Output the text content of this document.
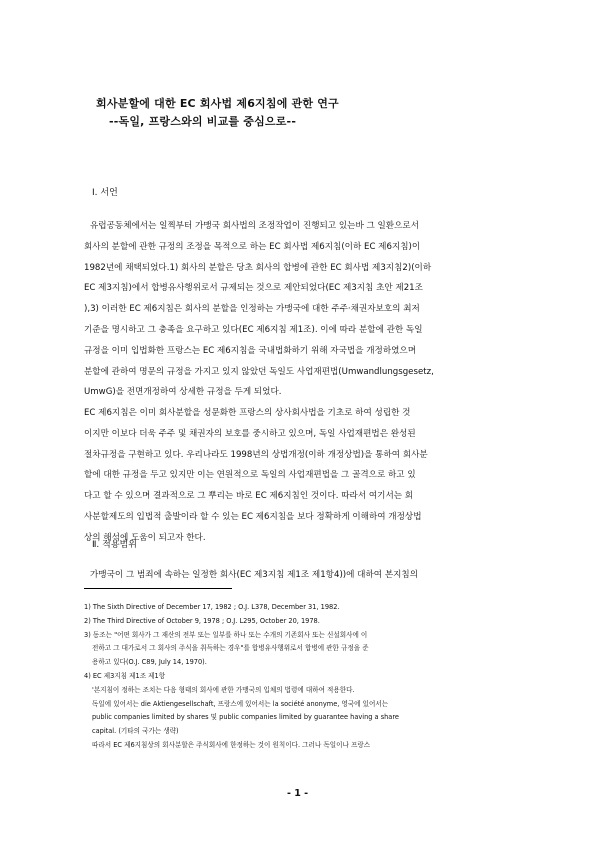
회사분할에 대한 EC 회사법 제6지침에 관한 연구
--독일, 프랑스와의 비교를 중심으로--
Ⅰ. 서언
유럽공동체에서는 일찍부터 가맹국 회사법의 조정작업이 진행되고 있는바 그 일환으로서
회사의 분할에 관한 규정의 조정을 목적으로 하는 EC 회사법 제6지침(이하 EC 제6지침)이
1982년에 채택되었다.1) 회사의 분할은 당초 회사의 합병에 관한 EC 회사법 제3지침2)(이하
EC 제3지침)에서 합병유사행위로서 규제되는 것으로 제안되었다(EC 제3지침 초안 제21조
),3) 이러한 EC 제6지침은 회사의 분할을 인정하는 가맹국에 대한 주주·채권자보호의 최저
기준을 명시하고 그 충족을 요구하고 있다(EC 제6지침 제1조). 이에 따라 분할에 관한 독일
규정을 이미 입법화한 프랑스는 EC 제6지침을 국내법화하기 위해 자국법을 개정하였으며
분할에 관하여 명문의 규정을 가지고 있지 않았던 독일도 사업재편법(Umwandlungsgesetz,
UmwG)을 전면개정하여 상세한 규정을 두게 되었다.
EC 제6지침은 이미 회사분할을 성문화한 프랑스의 상사회사법을 기초로 하여 성립한 것
이지만 이보다 더욱 주주 및 채권자의 보호를 중시하고 있으며, 독일 사업재편법은 완성된
절차규정을 구현하고 있다. 우리나라도 1998년의 상법개정(이하 개정상법)을 통하여 회사분
할에 대한 규정을 두고 있지만 이는 연원적으로 독일의 사업재편법을 그 골격으로 하고 있
다고 할 수 있으며 결과적으로 그 뿌리는 바로 EC 제6지침인 것이다. 따라서 여기서는 회
사분할제도의 입법적 출발이라 할 수 있는 EC 제6지침을 보다 정확하게 이해하여 개정상법
상의 해석에 도움이 되고자 한다.
Ⅱ. 적용범위
가맹국이 그 범죄에 속하는 일정한 회사(EC 제3지침 제1조 제1항4))에 대하여 본지침의
1) The Sixth Directive of December 17, 1982 ; O.J. L378, December 31, 1982.
2) The Third Directive of October 9, 1978 ; O.J. L295, October 20, 1978.
3) 동조는 "어떤 회사가 그 재산의 전부 또는 일부를 하나 또는 수개의 기존회사 또는 신설회사에 이
전하고 그 대가로서 그 회사의 주식을 취득하는 경우"를 합병유사행위로서 합병에 관한 규정을 준
용하고 있다(O.J. C89, July 14, 1970).
4) EC 제3지침 제1조 제1항
'본지침이 정하는 조치는 다음 형태의 회사에 관한 가맹국의 입체의 법령에 대하여 적용한다.
독일에 있어서는 die Aktiengesellschaft, 프랑스에 있어서는 la société anonyme, 영국에 있어서는
public companies limited by shares 및 public companies limited by guarantee having a share
capital. (기타의 국가는 생략)
따라서 EC 제6지침상의 회사분할은 주식회사에 한정하는 것이 원칙이다. 그러나 독일이나 프랑스
- 1 -
